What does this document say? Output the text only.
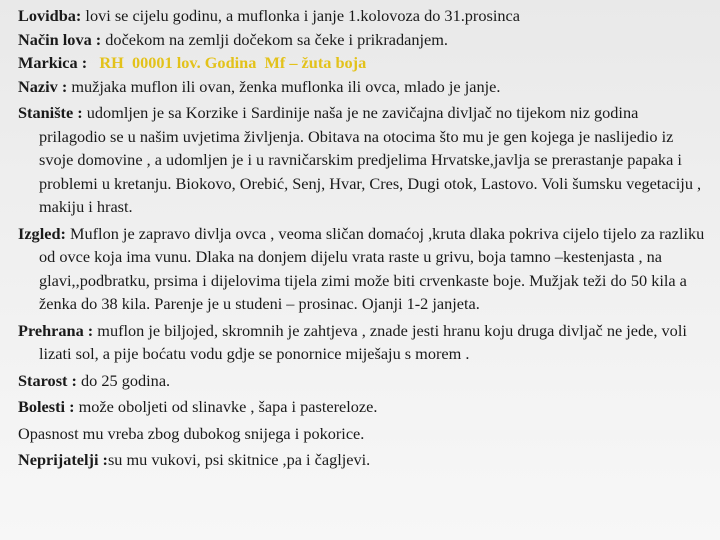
Lovidba: lovi se cijelu godinu, a muflonka i janje 1.kolovoza do 31.prosinca

Način lova : dočekom na zemlji dočekom sa čeke i prikradanjem.

Markica :   RH  00001 lov. Godina  Mf – žuta boja

Naziv : mužjaka muflon ili ovan, ženka muflonka ili ovca, mlado je janje.

Stanište : udomljen je sa Korzike i Sardinije naša je ne zavičajna divljač no tijekom niz godina prilagodio se u našim uvjetima življenja. Obitava na otocima što mu je gen kojega je naslijedio iz svoje domovine , a udomljen je i u ravničarskim predjelima Hrvatske,javlja se prerastanje papaka i problemi u kretanju. Biokovo, Orebić, Senj, Hvar, Cres, Dugi otok, Lastovo. Voli šumsku vegetaciju , makiju i hrast.

Izgled: Muflon je zapravo divlja ovca , veoma sličan domaćoj ,kruta dlaka pokriva cijelo tijelo za razliku od ovce koja ima vunu. Dlaka na donjem dijelu vrata raste u grivu, boja tamno –kestenjasta , na glavi,,podbratku, prsima i dijelovima tijela zimi može biti crvenkaste boje. Mužjak teži do 50 kila a ženka do 38 kila. Parenje je u studeni – prosinac. Ojanji 1-2 janjeta.

Prehrana : muflon je biljojed, skromnih je zahtjeva , znade jesti hranu koju druga divljač ne jede, voli lizati sol, a pije boćatu vodu gdje se ponornice miješaju s morem .

Starost : do 25 godina.

Bolesti : može oboljeti od slinavke , šapa i pastereloze.

Opasnost mu vreba zbog dubokog snijega i pokorice.

Neprijatelji :su mu vukovi, psi skitnice ,pa i čagljevi.
